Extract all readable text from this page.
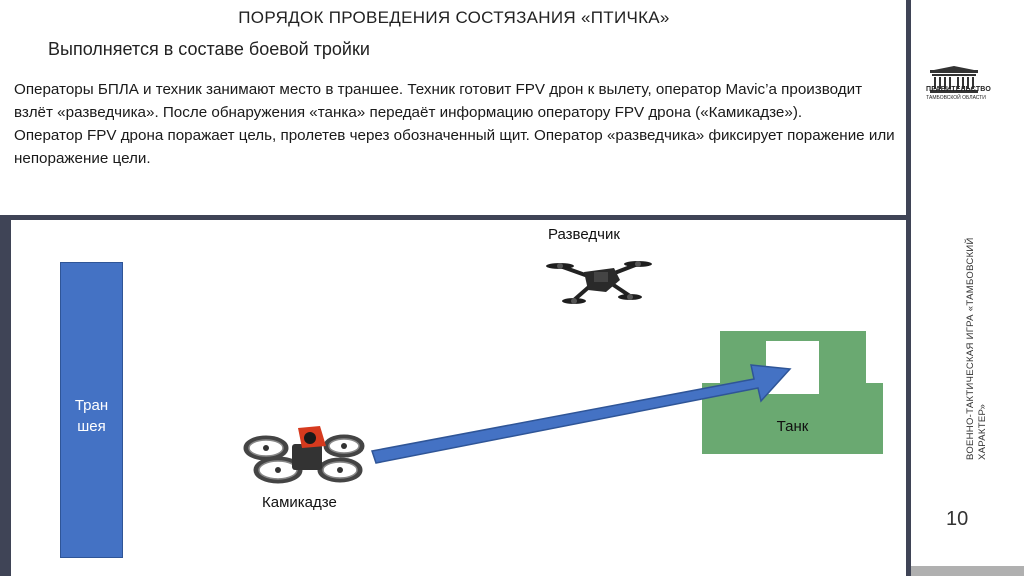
ПОРЯДОК ПРОВЕДЕНИЯ СОСТЯЗАНИЯ «ПТИЧКА»
Выполняется в составе боевой тройки

Операторы БПЛА и техник занимают место в траншее. Техник готовит FPV дрон к вылету, оператор Mavic’а производит взлёт «разведчика». После обнаружения «танка» передаёт информацию оператору FPV дрона («Камикадзе»).

Оператор FPV дрона поражает цель, пролетев через обозначенный щит. Оператор «разведчика» фиксирует поражение или непоражение цели.

Тран
шея	Танк
Разведчик
Камикадзе
ПРАВИТЕЛЬСТВО
ТАМБОВСКОЙ ОБЛАСТИ
ВОЕННО-ТАКТИЧЕСКАЯ ИГРА «ТАМБОВСКИЙ ХАРАКТЕР»
10
